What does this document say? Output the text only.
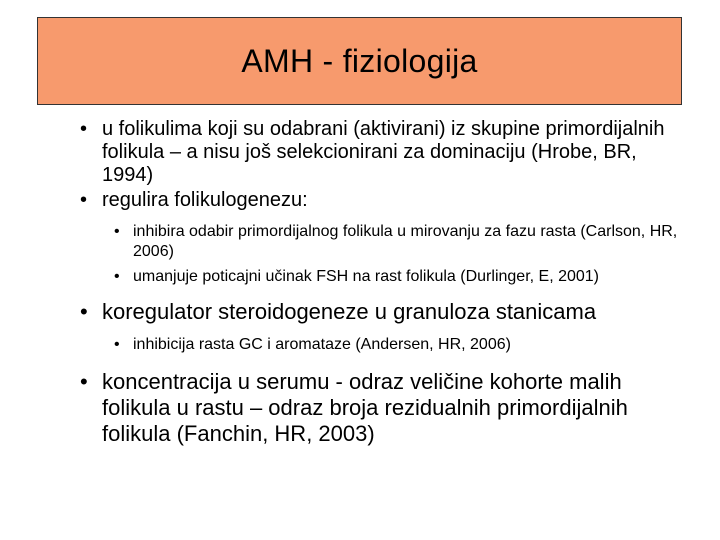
AMH - fiziologija

• u folikulima koji su odabrani (aktivirani) iz skupine primordijalnih folikula – a nisu još selekcionirani za dominaciju (Hrobe, BR, 1994)

• regulira folikulogenezu:

• inhibira odabir primordijalnog folikula u mirovanju za fazu rasta (Carlson, HR, 2006)

• umanjuje poticajni učinak FSH na rast folikula (Durlinger, E, 2001)

• koregulator steroidogeneze u granuloza stanicama

• inhibicija rasta GC i aromataze (Andersen, HR, 2006)

• koncentracija u serumu - odraz veličine kohorte malih folikula u rastu – odraz broja rezidualnih primordijalnih folikula (Fanchin, HR, 2003)
